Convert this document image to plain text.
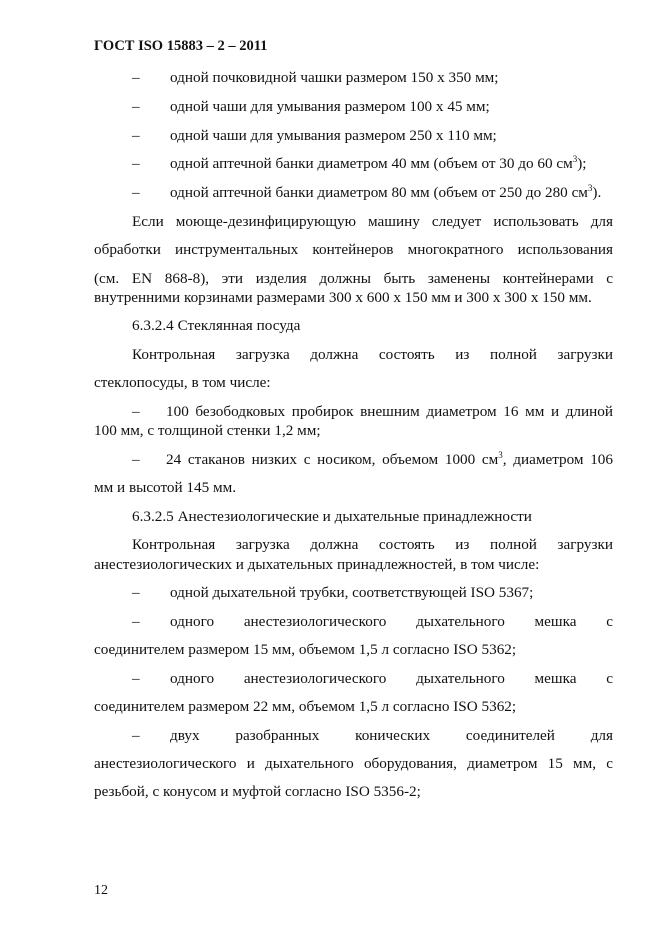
ГОСТ ISO 15883 – 2 – 2011
– одной почковидной чашки размером 150 х 350 мм;
– одной чаши для умывания размером 100 х 45 мм;
– одной чаши для умывания размером 250 х 110 мм;
– одной аптечной банки диаметром 40 мм (объем от 30 до 60 $см^3$);
– одной аптечной банки диаметром 80 мм (объем от 250 до 280 $см^3$).
Если моюще-дезинфицирующую машину следует использовать для
обработки инструментальных контейнеров многократного использования
(см. EN 868-8), эти изделия должны быть заменены контейнерами с
внутренними корзинами размерами 300 х 600 х 150 мм и 300 х 300 х 150 мм.
6.3.2.4 Стеклянная посуда
Контрольная загрузка должна состоять из полной загрузки
стеклопосуды, в том числе:
– 100 безободковых пробирок внешним диаметром 16 мм и длиной
100 мм, с толщиной стенки 1,2 мм;
– 24 стаканов низких с носиком, объемом 1000 $см^3$, диаметром 106
мм и высотой 145 мм.
6.3.2.5 Анестезиологические и дыхательные принадлежности
Контрольная загрузка должна состоять из полной загрузки
анестезиологических и дыхательных принадлежностей, в том числе:
– одной дыхательной трубки, соответствующей ISO 5367;
– одного анестезиологического дыхательного мешка с
соединителем размером 15 мм, объемом 1,5 л согласно ISO 5362;
– одного анестезиологического дыхательного мешка с
соединителем размером 22 мм, объемом 1,5 л согласно ISO 5362;
– двух разобранных конических соединителей для
анестезиологического и дыхательного оборудования, диаметром 15 мм, с
резьбой, с конусом и муфтой согласно ISO 5356-2;
12
